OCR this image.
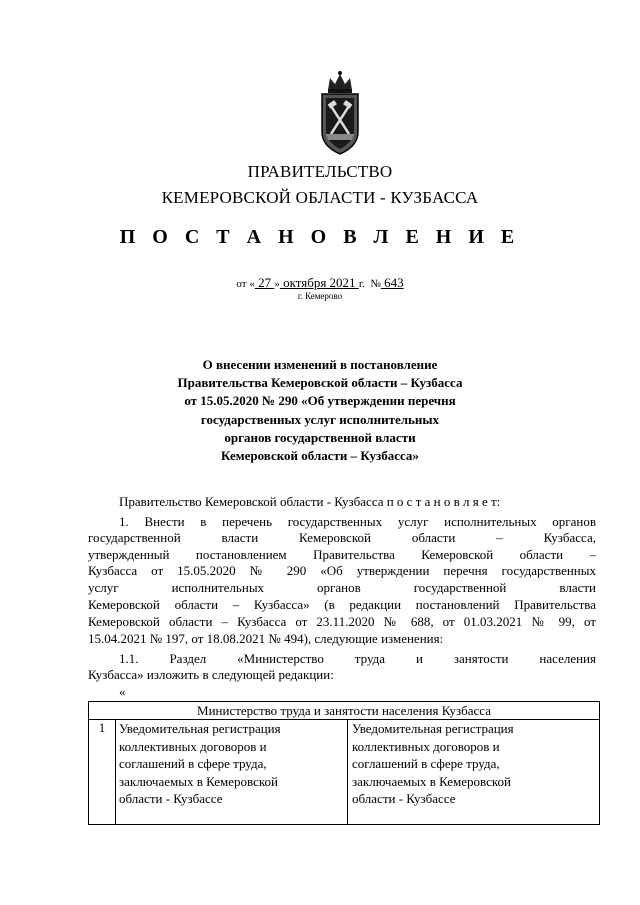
ПРАВИТЕЛЬСТВО
КЕМЕРОВСКОЙ ОБЛАСТИ - КУЗБАССА
П О С Т А Н О В Л Е Н И Е
от « 27 » октября 2021 г. № 643
г. Кемерово
О внесении изменений в постановление
Правительства Кемеровской области – Кузбасса
от 15.05.2020 № 290 «Об утверждении перечня
государственных услуг исполнительных
органов государственной власти
Кемеровской области – Кузбасса»
Правительство Кемеровской области - Кузбасса п о с т а н о в л я е т:
1. Внести в перечень государственных услуг исполнительных органов
государственной власти Кемеровской области – Кузбасса,
утвержденный постановлением Правительства Кемеровской области –
Кузбасса от 15.05.2020 № 290 «Об утверждении перечня государственных
услуг исполнительных органов государственной власти
Кемеровской области – Кузбасса» (в редакции постановлений Правительства
Кемеровской области – Кузбасса от 23.11.2020 № 688, от 01.03.2021 № 99, от
15.04.2021 № 197, от 18.08.2021 № 494), следующие изменения:
1.1. Раздел «Министерство труда и занятости населения
Кузбасса» изложить в следующей редакции:
«
Министерство труда и занятости населения Кузбасса
1	Уведомительная регистрация
коллективных договоров и
соглашений в сфере труда,
заключаемых в Кемеровской
области - Кузбассе
Уведомительная регистрация
коллективных договоров и
соглашений в сфере труда,
заключаемых в Кемеровской
области - Кузбассе
